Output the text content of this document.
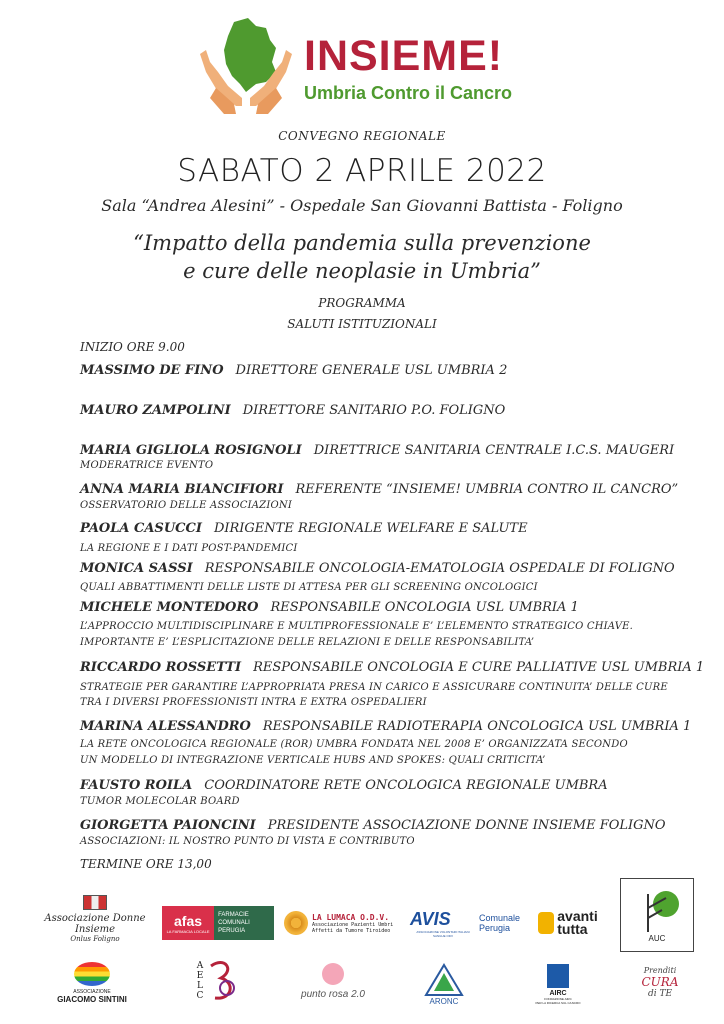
INSIEME!
Umbria Contro il Cancro
CONVEGNO REGIONALE
SABATO 2 APRILE 2022
Sala “Andrea Alesini” - Ospedale San Giovanni Battista - Foligno
“Impatto della pandemia sulla prevenzione
e cure delle neoplasie in Umbria”
PROGRAMMA
SALUTI ISTITUZIONALI
INIZIO ORE 9.00
MASSIMO DE FINO DIRETTORE GENERALE USL UMBRIA 2
MAURO ZAMPOLINI DIRETTORE SANITARIO P.O. FOLIGNO
MARIA GIGLIOLA ROSIGNOLI DIRETTRICE SANITARIA CENTRALE I.C.S. MAUGERI
MODERATRICE EVENTO
ANNA MARIA BIANCIFIORI REFERENTE “INSIEME! UMBRIA CONTRO IL CANCRO”
OSSERVATORIO DELLE ASSOCIAZIONI
PAOLA CASUCCI DIRIGENTE REGIONALE WELFARE E SALUTE
LA REGIONE E I DATI POST-PANDEMICI
MONICA SASSI RESPONSABILE ONCOLOGIA-EMATOLOGIA OSPEDALE DI FOLIGNO
QUALI ABBATTIMENTI DELLE LISTE DI ATTESA PER GLI SCREENING ONCOLOGICI
MICHELE MONTEDORO RESPONSABILE ONCOLOGIA USL UMBRIA 1
L’APPROCCIO MULTIDISCIPLINARE E MULTIPROFESSIONALE E’ L’ELEMENTO STRATEGICO CHIAVE.
IMPORTANTE E’ L’ESPLICITAZIONE DELLE RELAZIONI E DELLE RESPONSABILITA’
RICCARDO ROSSETTI RESPONSABILE ONCOLOGIA E CURE PALLIATIVE USL UMBRIA 1
STRATEGIE PER GARANTIRE L’APPROPRIATA PRESA IN CARICO E ASSICURARE CONTINUITA’ DELLE CURE
TRA I DIVERSI PROFESSIONISTI INTRA E EXTRA OSPEDALIERI
MARINA ALESSANDRO RESPONSABILE RADIOTERAPIA ONCOLOGICA USL UMBRIA 1
LA RETE ONCOLOGICA REGIONALE (ROR) UMBRA FONDATA NEL 2008 E’ ORGANIZZATA SECONDO
UN MODELLO DI INTEGRAZIONE VERTICALE HUBS AND SPOKES: QUALI CRITICITA’
FAUSTO ROILA COORDINATORE RETE ONCOLOGICA REGIONALE UMBRA
TUMOR MOLECOLAR BOARD
GIORGETTA PAIONCINI PRESIDENTE ASSOCIAZIONE DONNE INSIEME FOLIGNO
ASSOCIAZIONI: IL NOSTRO PUNTO DI VISTA E CONTRIBUTO
TERMINE ORE 13,00
Associazione Donne Insieme
Onlus Foligno
afas
LA FARMACIA LOCALE
FARMACIE
COMUNALI
PERUGIA
LA LUMACA O.D.V.
Associazione Pazienti Umbri
Affetti da Tumore Tiroideo
AVIS
ASSOCIAZIONE VOLONTARI ITALIANI SANGUE ODV
Comunale
Perugia
avanti
tutta
AUC
ASSOCIAZIONE
GIACOMO SINTINI	AELC	punto rosa 2.0
ARONC
AIRC
FONDAZIONE AIRC
PER LA RICERCA SUL CANCRO
Prenditi
CURA
di TE
